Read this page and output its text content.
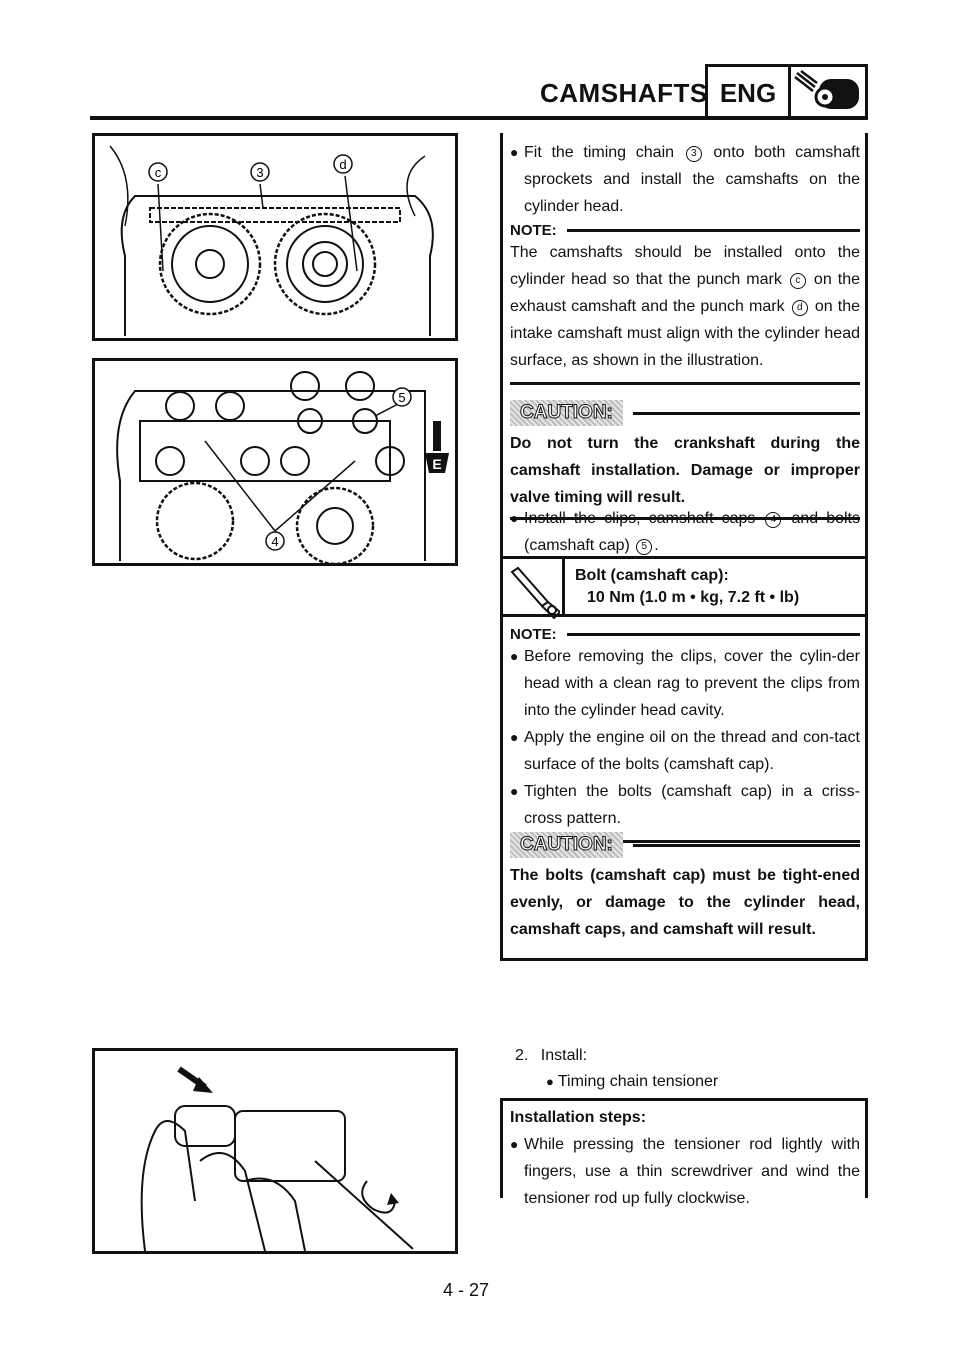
CAMSHAFTS ENG
c	3
d
4
5
E
● Fit the timing chain 3 onto both camshaft sprockets and install the camshafts on the cylinder head.
NOTE:
The camshafts should be installed onto the cylinder head so that the punch mark c on the exhaust camshaft and the punch mark d on the intake camshaft must align with the cylinder head surface, as shown in the illustration.
CAUTION:
Do not turn the crankshaft during the camshaft installation. Damage or improper valve timing will result.
● Install the clips, camshaft caps 4 and bolts (camshaft cap) 5 .
Bolt (camshaft cap):
10 Nm (1.0 m • kg, 7.2 ft • lb)
NOTE:
● Before removing the clips, cover the cylin-der head with a clean rag to prevent the clips from into the cylinder head cavity.
● Apply the engine oil on the thread and con-tact surface of the bolts (camshaft cap).
● Tighten the bolts (camshaft cap) in a criss-cross pattern.
CAUTION:
The bolts (camshaft cap) must be tight-ened evenly, or damage to the cylinder head, camshaft caps, and camshaft will result.
2. Install:
● Timing chain tensioner
Installation steps:
● While pressing the tensioner rod lightly with fingers, use a thin screwdriver and wind the tensioner rod up fully clockwise.
4 - 27
